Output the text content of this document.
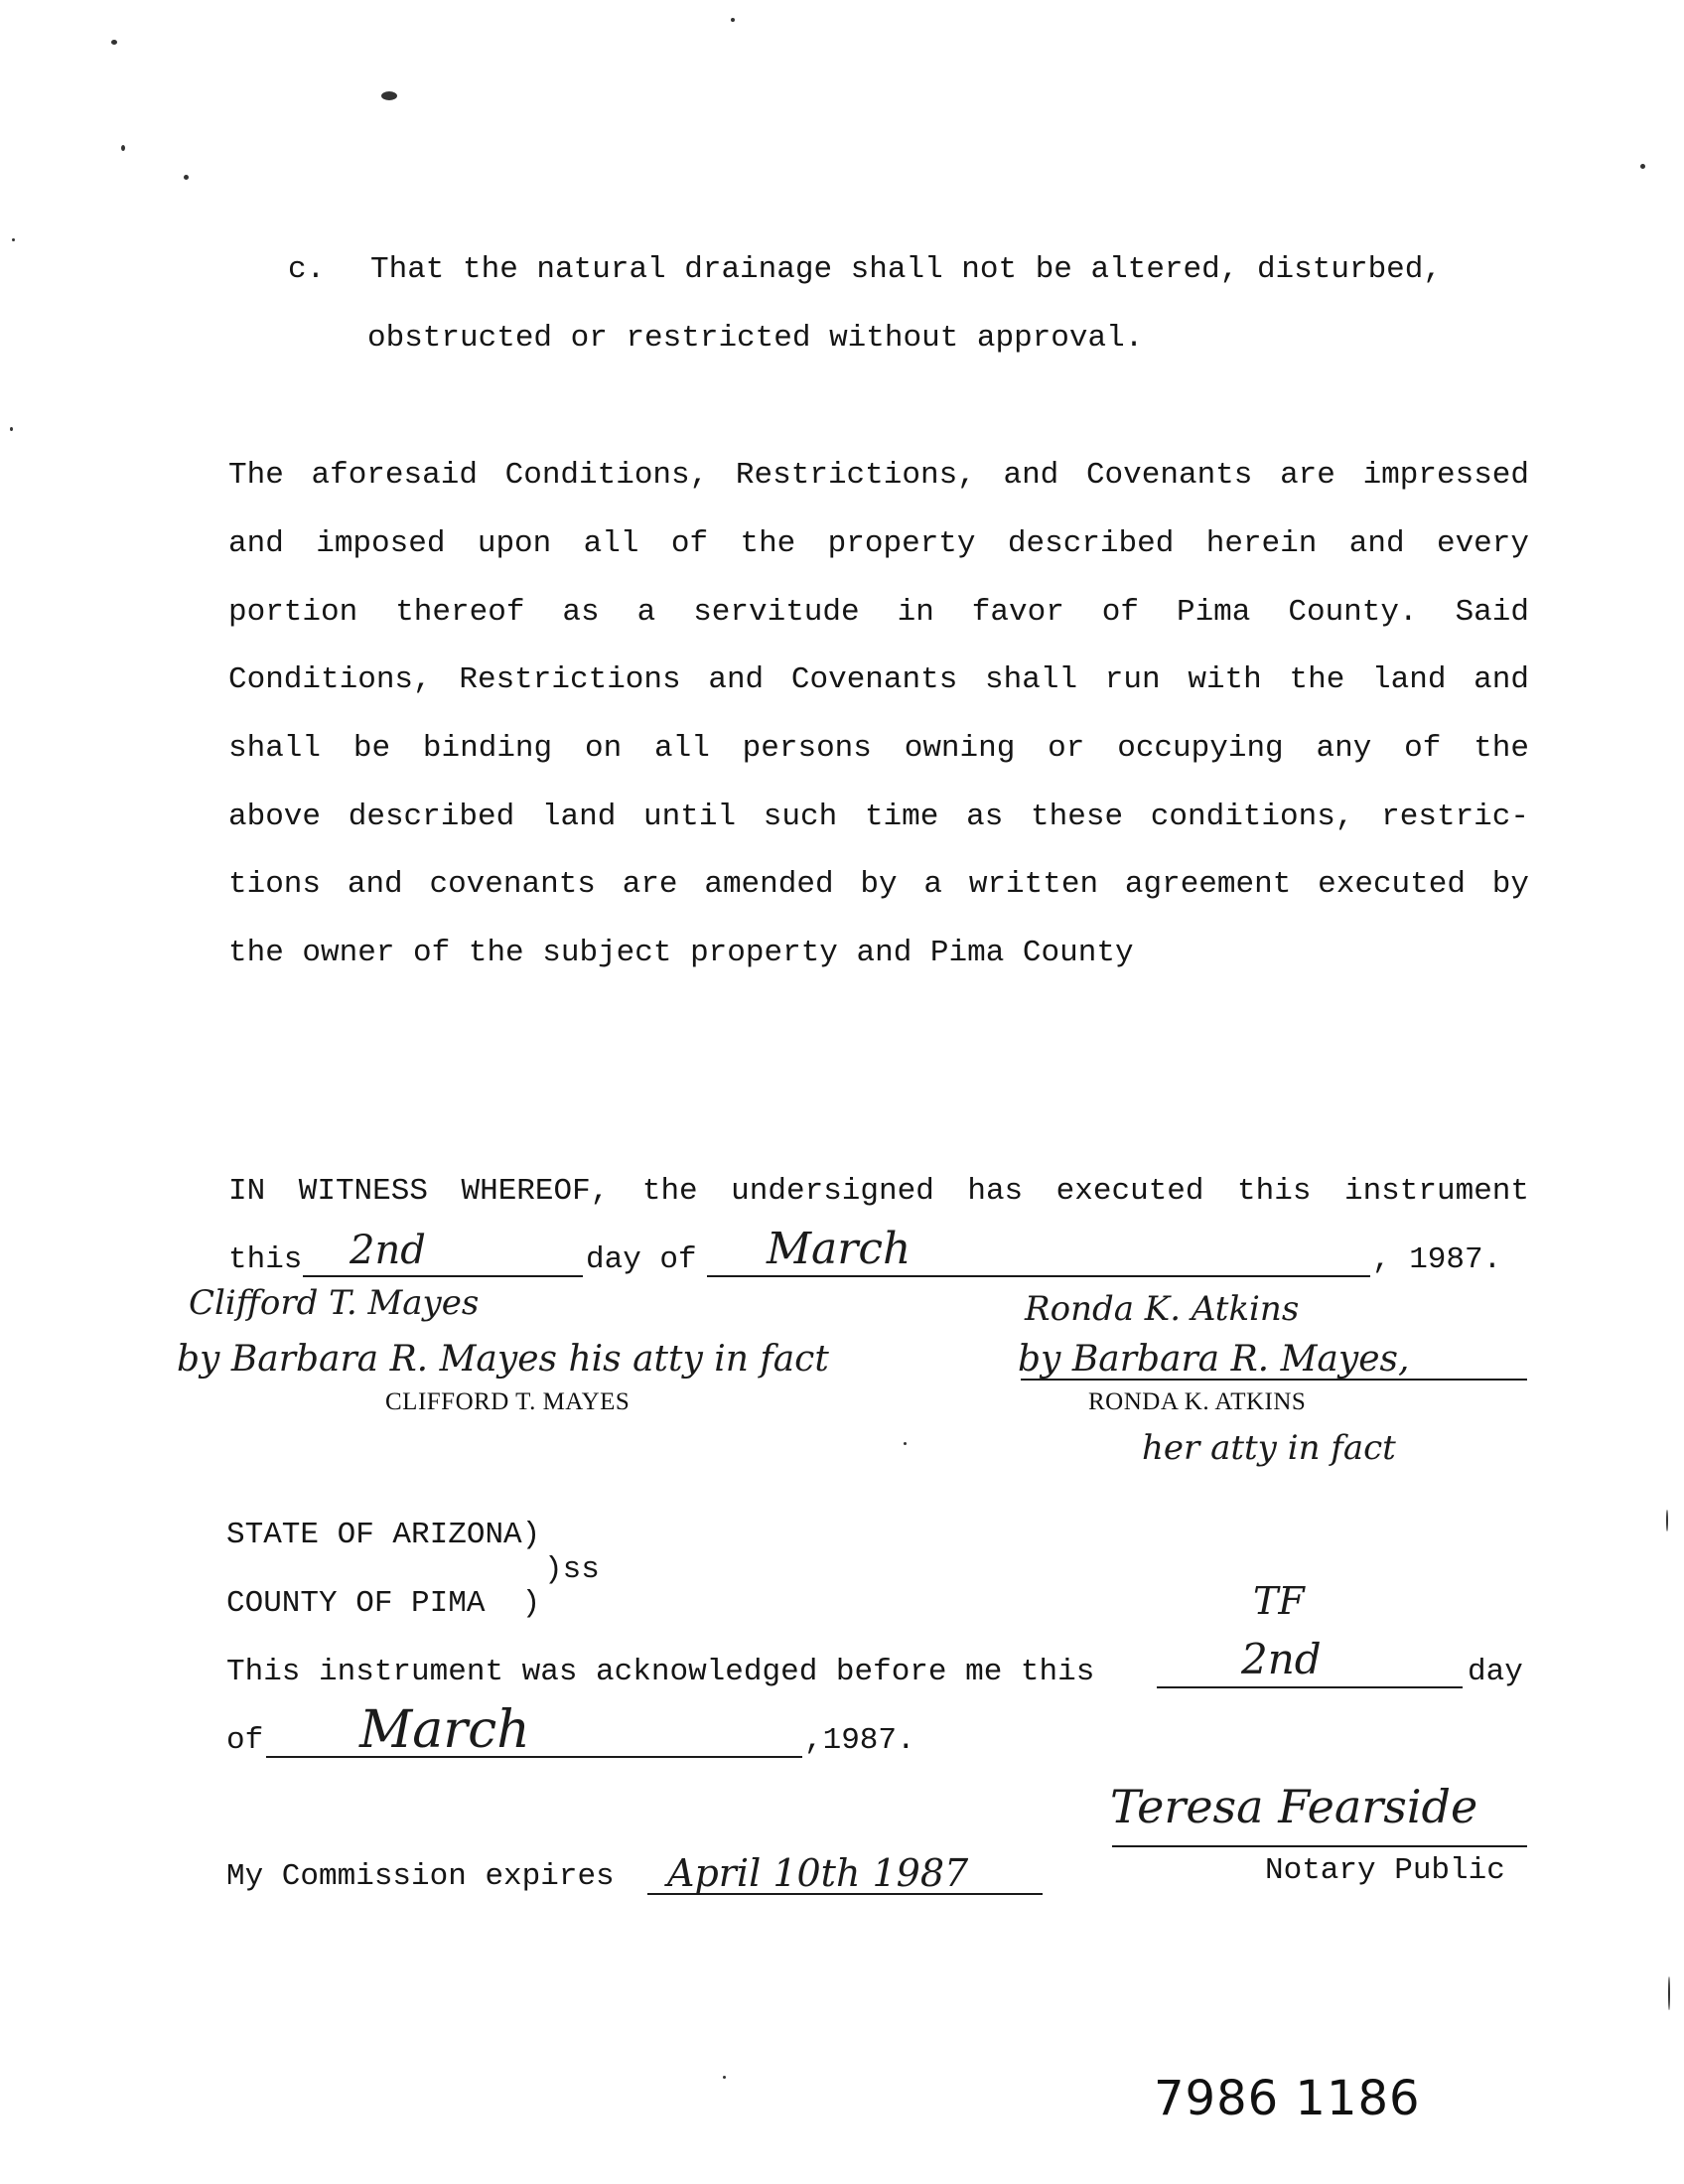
c. That the natural drainage shall not be altered, disturbed,
obstructed or restricted without approval.
The aforesaid Conditions, Restrictions, and Covenants are impressed
and imposed upon all of the property described herein and every
portion thereof as a servitude in favor of Pima County. Said
Conditions, Restrictions and Covenants shall run with the land and
shall be binding on all persons owning or occupying any of the
above described land until such time as these conditions, restric-
tions and covenants are amended by a written agreement executed by
the owner of the subject property and Pima County
IN WITNESS WHEREOF, the undersigned has executed this instrument
this 2nd	day of March	, 1987.
Clifford T. Mayes
by Barbara R. Mayes his atty in fact
CLIFFORD T. MAYES
Ronda K. Atkins
by Barbara R. Mayes,
RONDA K. ATKINS
her atty in fact
STATE OF ARIZONA)
)ss
COUNTY OF PIMA  )	TF
This instrument was acknowledged before me this	2nd	day
of March	,1987.
Teresa Fearside
Notary Public
My Commission expires April 10th 1987
7986 1186
